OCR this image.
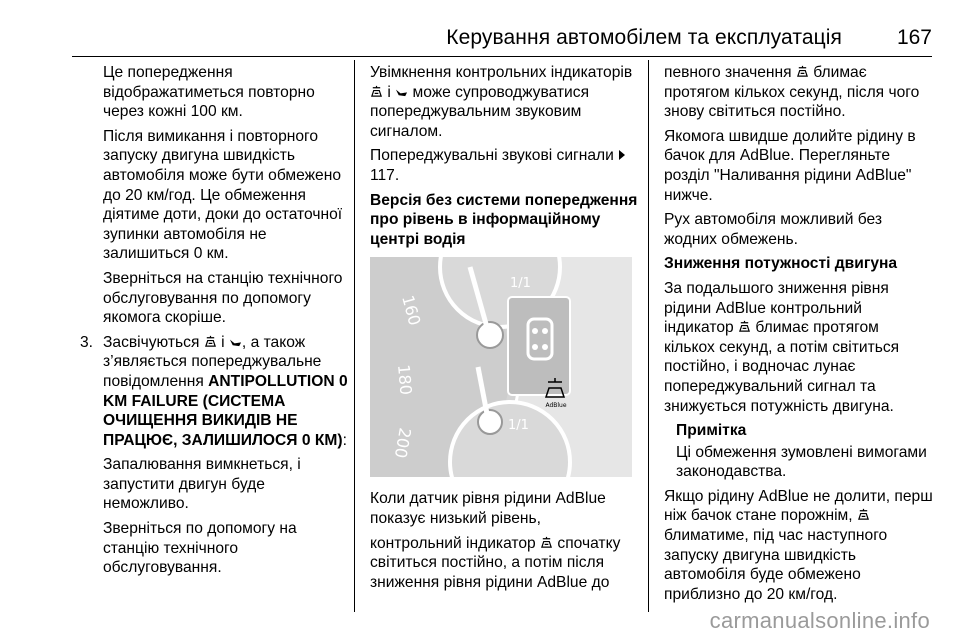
Керування автомобілем та експлуатація	167

Це попередження відображатиметься повторно через кожні 100 км.

Після вимикання і повторного запуску двигуна швидкість автомобіля може бути обмежено до 20 км/год. Це обмеження діятиме доти, доки до остаточної зупинки автомобіля не залишиться 0 км.

Зверніться на станцію технічного обслуговування по допомогу якомога скоріше.

3. Засвічуються і , а також з’являється попереджувальне повідомлення ANTIPOLLUTION 0 KM FAILURE (СИСТЕМА ОЧИЩЕННЯ ВИКИДІВ НЕ ПРАЦЮЄ, ЗАЛИШИЛОСЯ 0 КМ):

Запалювання вимкнеться, і запустити двигун буде неможливо.

Зверніться по допомогу на станцію технічного обслуговування.

Увімкнення контрольних індикаторів  і може супроводжуватися попереджувальним звуковим сигналом.

Попереджувальні звукові сигнали  117.

Версія без системи попередження про рівень в інформаційному центрі водія

AdBlue
160
180
200
1/1
1/1

Коли датчик рівня рідини AdBlue показує низький рівень,

контрольний індикатор спочатку світиться постійно, а потім після зниження рівня рідини AdBlue до

певного значення блимає протягом кількох секунд, після чого знову світиться постійно.

Якомога швидше долийте рідину в бачок для AdBlue. Перегляньте розділ "Наливання рідини AdBlue" нижче.

Рух автомобіля можливий без жодних обмежень.

Зниження потужності двигуна

За подальшого зниження рівня рідини AdBlue контрольний індикатор блимає протягом кількох секунд, а потім світиться постійно, і водночас лунає попереджувальний сигнал та знижується потужність двигуна.

Примітка

Ці обмеження зумовлені вимогами законодавства.

Якщо рідину AdBlue не долити, перш ніж бачок стане порожнім,  блиматиме, під час наступного запуску двигуна швидкість автомобіля буде обмежено приблизно до 20 км/год.

carmanualsonline.info
